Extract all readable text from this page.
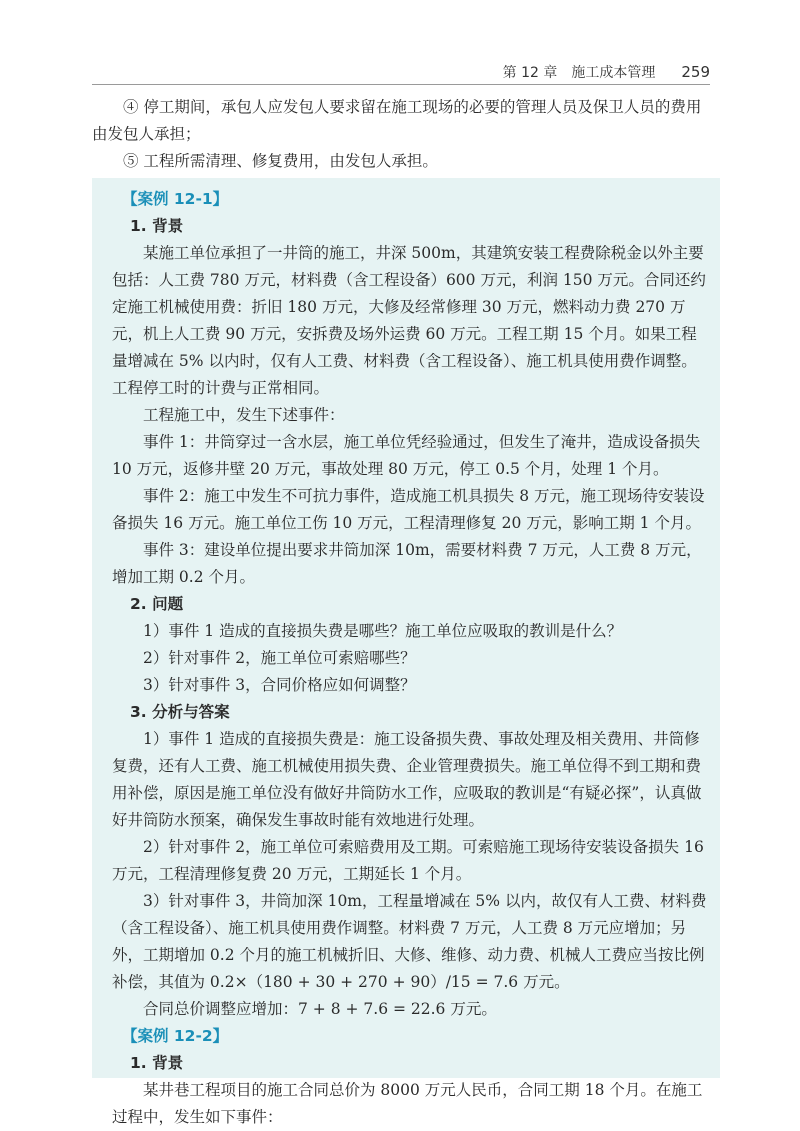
第 12 章　施工成本管理 259

④ 停工期间，承包人应发包人要求留在施工现场的必要的管理人员及保卫人员的费用由发包人承担；

⑤ 工程所需清理、修复费用，由发包人承担。

【案例 12-1】

1. 背景

某施工单位承担了一井筒的施工，井深 500m，其建筑安装工程费除税金以外主要包括：人工费 780 万元，材料费（含工程设备）600 万元，利润 150 万元。合同还约定施工机械使用费：折旧 180 万元，大修及经常修理 30 万元，燃料动力费 270 万元，机上人工费 90 万元，安拆费及场外运费 60 万元。工程工期 15 个月。如果工程量增减在 5% 以内时，仅有人工费、材料费（含工程设备）、施工机具使用费作调整。工程停工时的计费与正常相同。

工程施工中，发生下述事件：

事件 1：井筒穿过一含水层，施工单位凭经验通过，但发生了淹井，造成设备损失 10 万元，返修井壁 20 万元，事故处理 80 万元，停工 0.5 个月，处理 1 个月。

事件 2：施工中发生不可抗力事件，造成施工机具损失 8 万元，施工现场待安装设备损失 16 万元。施工单位工伤 10 万元，工程清理修复 20 万元，影响工期 1 个月。

事件 3：建设单位提出要求井筒加深 10m，需要材料费 7 万元，人工费 8 万元，增加工期 0.2 个月。

2. 问题

1）事件 1 造成的直接损失费是哪些？施工单位应吸取的教训是什么？

2）针对事件 2，施工单位可索赔哪些？

3）针对事件 3，合同价格应如何调整？

3. 分析与答案

1）事件 1 造成的直接损失费是：施工设备损失费、事故处理及相关费用、井筒修复费，还有人工费、施工机械使用损失费、企业管理费损失。施工单位得不到工期和费用补偿，原因是施工单位没有做好井筒防水工作，应吸取的教训是“有疑必探”，认真做好井筒防水预案，确保发生事故时能有效地进行处理。

2）针对事件 2，施工单位可索赔费用及工期。可索赔施工现场待安装设备损失 16 万元，工程清理修复费 20 万元，工期延长 1 个月。

3）针对事件 3，井筒加深 10m，工程量增减在 5% 以内，故仅有人工费、材料费（含工程设备）、施工机具使用费作调整。材料费 7 万元，人工费 8 万元应增加；另外，工期增加 0.2 个月的施工机械折旧、大修、维修、动力费、机械人工费应当按比例补偿，其值为 0.2×（180 + 30 + 270 + 90）/15 = 7.6 万元。

合同总价调整应增加：7 + 8 + 7.6 = 22.6 万元。

【案例 12-2】

1. 背景

某井巷工程项目的施工合同总价为 8000 万元人民币，合同工期 18 个月。在施工过程中，发生如下事件：
